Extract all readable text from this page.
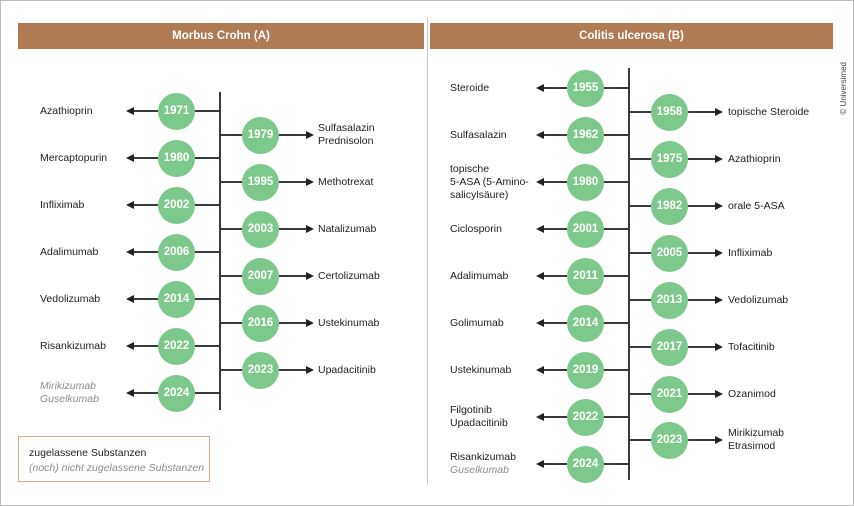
Morbus Crohn (A)	Colitis ulcerosa (B)
© Universimed
1971
Azathioprin
1980
Mercaptopurin
2002
Infliximab
2006
Adalimumab
2014
Vedolizumab
2022
Risankizumab
2024
Mirikizumab
Guselkumab
1979
Sulfasalazin
Prednisolon
1995	Methotrexat
2003	Natalizumab
2007	Certolizumab
2016	Ustekinumab
2023	Upadacitinib
1955
Steroide
1962
Sulfasalazin
1980
topische
5-ASA (5-Amino-
salicylsäure)
2001
Ciclosporin
2011
Adalimumab
2014
Golimumab
2019
Ustekinumab
2022
Filgotinib
Upadacitinib
2024
Risankizumab
Guselkumab
1958	topische Steroide
1975	Azathioprin
1982	orale 5-ASA
2005	Infliximab
2013	Vedolizumab
2017	Tofacitinib
2021	Ozanimod
2023
Mirikizumab
Etrasimod
zugelassene Substanzen
(noch) nicht zugelassene Substanzen
